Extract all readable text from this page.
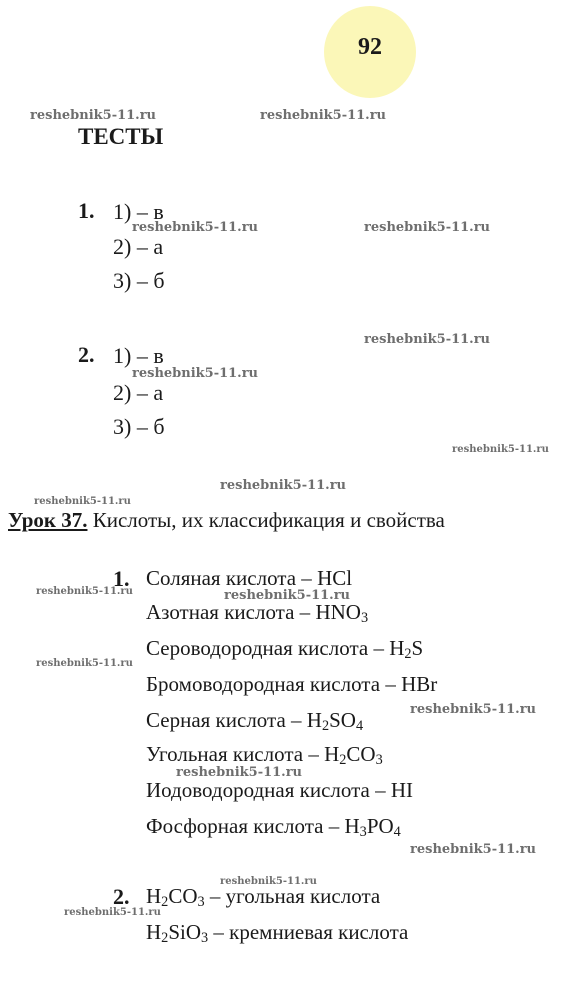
92
reshebnik5-11.ru	reshebnik5-11.ru
reshebnik5-11.ru	reshebnik5-11.ru
reshebnik5-11.ru
reshebnik5-11.ru
reshebnik5-11.ru
reshebnik5-11.ru
reshebnik5-11.ru
reshebnik5-11.ru	reshebnik5-11.ru
reshebnik5-11.ru
reshebnik5-11.ru
reshebnik5-11.ru
reshebnik5-11.ru
reshebnik5-11.ru
reshebnik5-11.ru
ТЕСТЫ
1. 1) – в
2) – а
3) – б
2. 1) – в
2) – а
3) – б
Урок 37. Кислоты, их классификация и свойства
1. Соляная кислота – HCl
Азотная кислота – $HNO_3$
Сероводородная кислота – $H_2S$
Бромоводородная кислота – HBr
Серная кислота – $H_2SO_4$
Угольная кислота – $H_2CO_3$
Иодоводородная кислота – HI
Фосфорная кислота – $H_3PO_4$
2. $H_2CO_3$ – угольная кислота
$H_2SiO_3$ – кремниевая кислота
